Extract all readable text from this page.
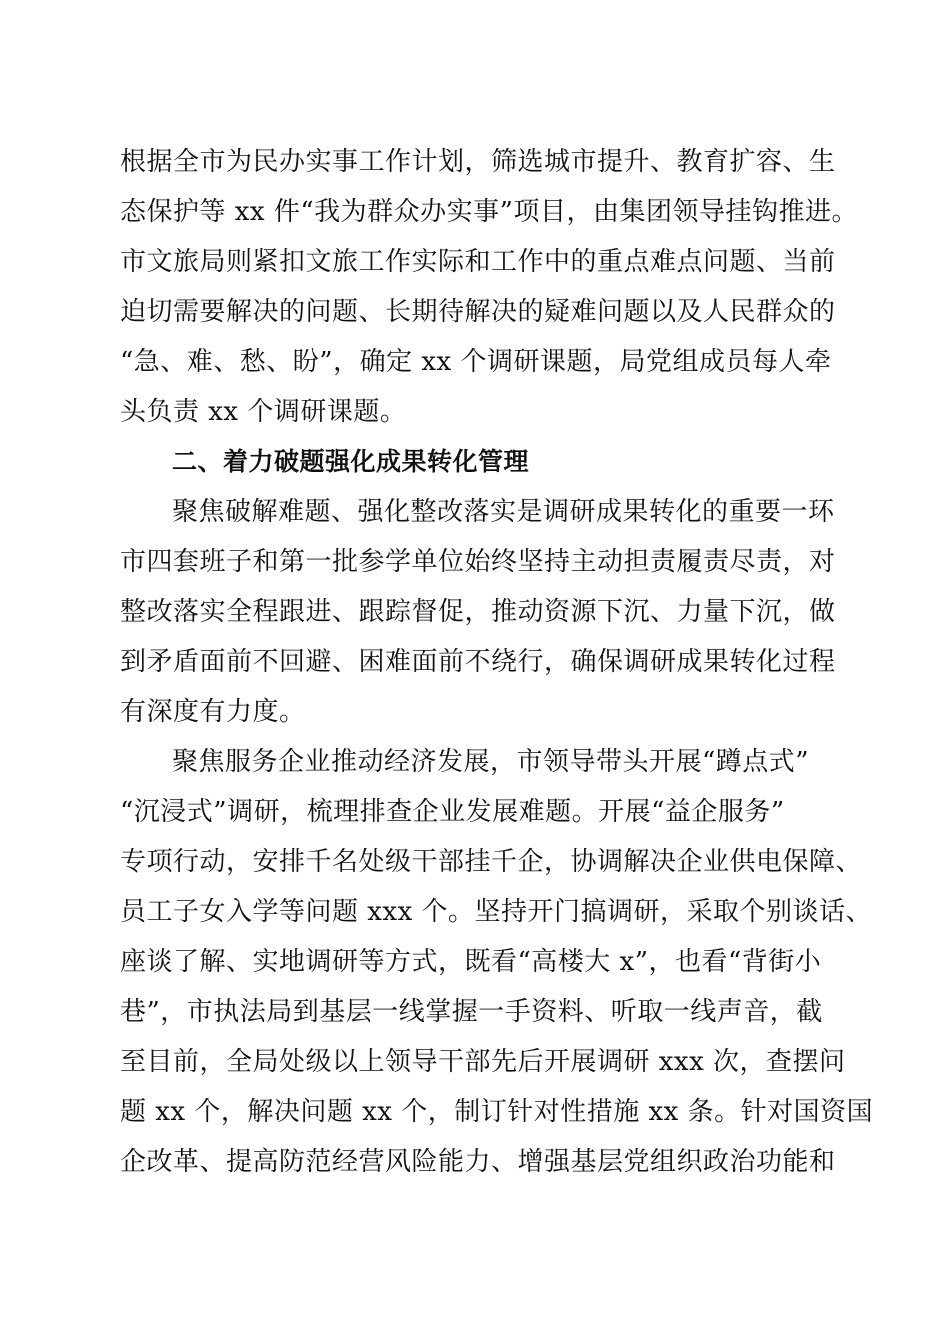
根据全市为民办实事工作计划，筛选城市提升、教育扩容、生
态保护等 xx 件“我为群众办实事”项目，由集团领导挂钩推进。
市文旅局则紧扣文旅工作实际和工作中的重点难点问题、当前
迫切需要解决的问题、长期待解决的疑难问题以及人民群众的
“急、难、愁、盼”，确定 xx 个调研课题，局党组成员每人牵
头负责 xx 个调研课题。
二、着力破题强化成果转化管理
聚焦破解难题、强化整改落实是调研成果转化的重要一环
市四套班子和第一批参学单位始终坚持主动担责履责尽责，对
整改落实全程跟进、跟踪督促，推动资源下沉、力量下沉，做
到矛盾面前不回避、困难面前不绕行，确保调研成果转化过程
有深度有力度。
聚焦服务企业推动经济发展，市领导带头开展“蹲点式”
“沉浸式”调研，梳理排查企业发展难题。开展“益企服务”
专项行动，安排千名处级干部挂千企，协调解决企业供电保障、
员工子女入学等问题 xxx 个。坚持开门搞调研，采取个别谈话、
座谈了解、实地调研等方式，既看“高楼大 x”，也看“背街小
巷”，市执法局到基层一线掌握一手资料、听取一线声音，截
至目前，全局处级以上领导干部先后开展调研 xxx 次，查摆问
题 xx 个，解决问题 xx 个，制订针对性措施 xx 条。针对国资国
企改革、提高防范经营风险能力、增强基层党组织政治功能和
